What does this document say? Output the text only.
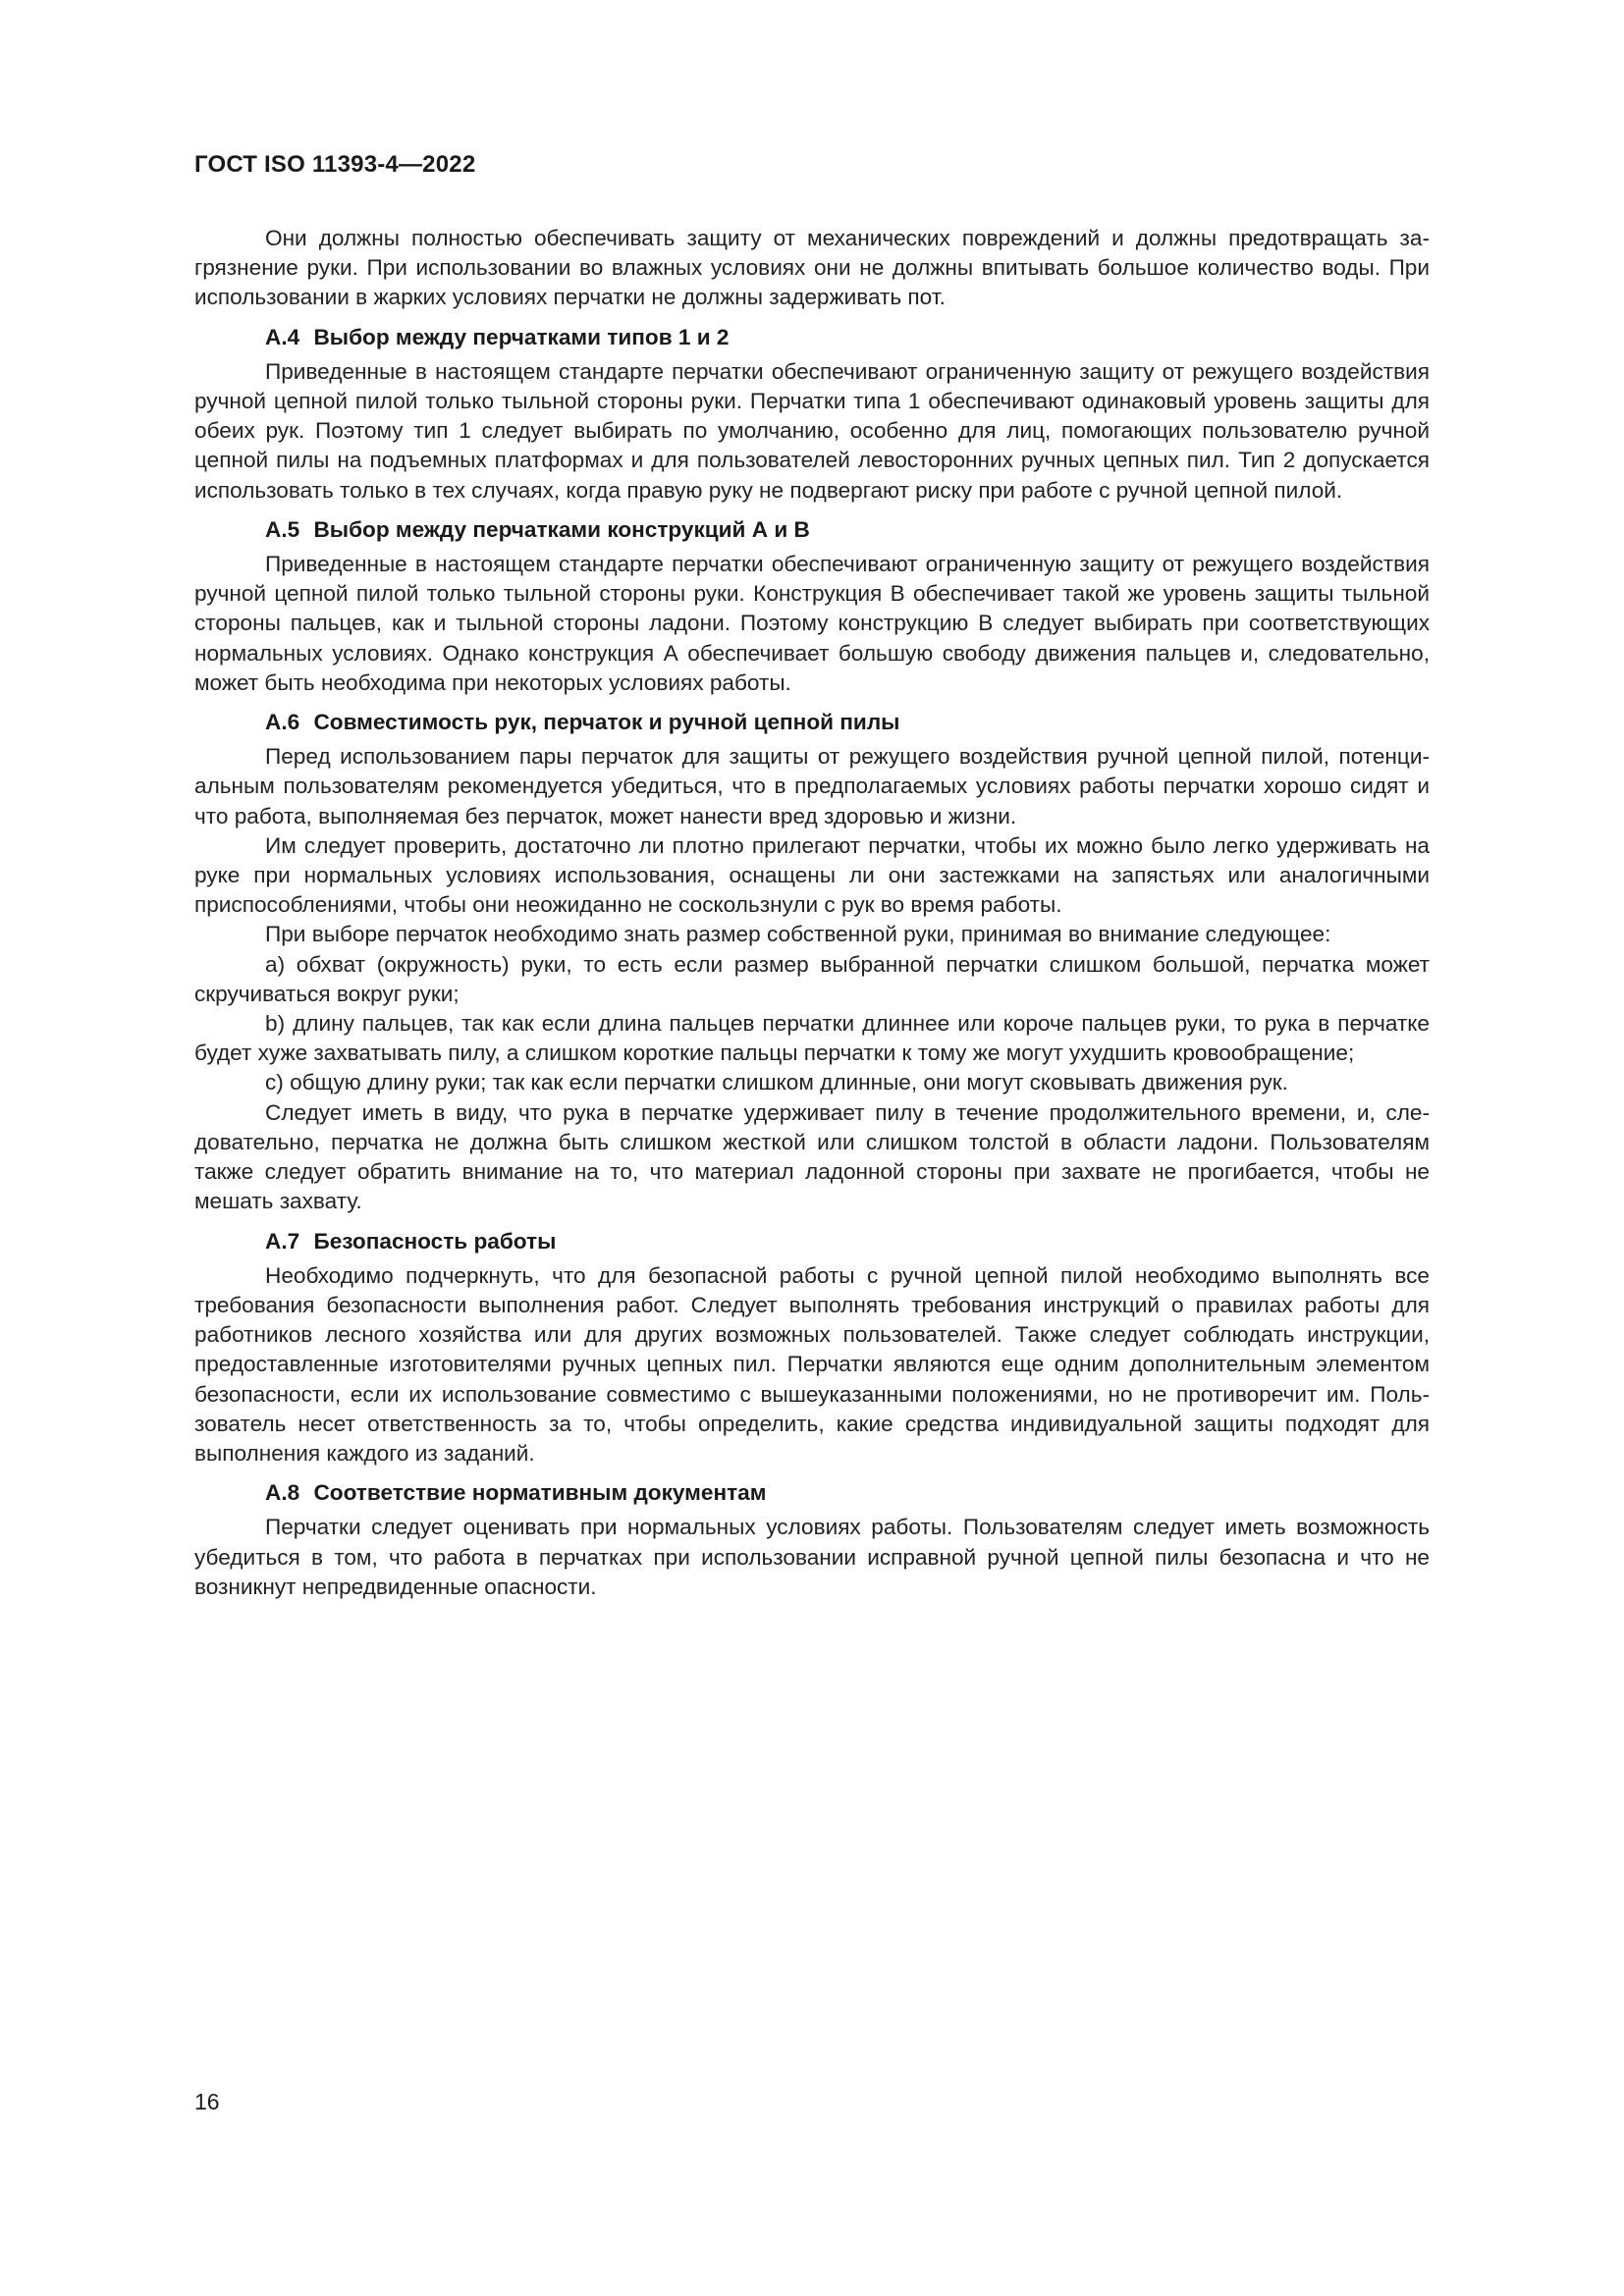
ГОСТ ISO 11393-4—2022

Они должны полностью обеспечивать защиту от механических повреждений и должны предотвращать загрязнение руки. При использовании во влажных условиях они не должны впитывать большое количество воды. При использовании в жарких условиях перчатки не должны задерживать пот.

А.4 Выбор между перчатками типов 1 и 2

Приведенные в настоящем стандарте перчатки обеспечивают ограниченную защиту от режущего воздействия ручной цепной пилой только тыльной стороны руки. Перчатки типа 1 обеспечивают одинаковый уровень защиты для обеих рук. Поэтому тип 1 следует выбирать по умолчанию, особенно для лиц, помогающих пользователю ручной цепной пилы на подъемных платформах и для пользователей левосторонних ручных цепных пил. Тип 2 допускается использовать только в тех случаях, когда правую руку не подвергают риску при работе с ручной цепной пилой.

А.5 Выбор между перчатками конструкций А и В

Приведенные в настоящем стандарте перчатки обеспечивают ограниченную защиту от режущего воздействия ручной цепной пилой только тыльной стороны руки. Конструкция В обеспечивает такой же уровень защиты тыльной стороны пальцев, как и тыльной стороны ладони. Поэтому конструкцию В следует выбирать при соответствующих нормальных условиях. Однако конструкция А обеспечивает большую свободу движения пальцев и, следовательно, может быть необходима при некоторых условиях работы.

А.6 Совместимость рук, перчаток и ручной цепной пилы

Перед использованием пары перчаток для защиты от режущего воздействия ручной цепной пилой, потенциальным пользователям рекомендуется убедиться, что в предполагаемых условиях работы перчатки хорошо сидят и что работа, выполняемая без перчаток, может нанести вред здоровью и жизни.

Им следует проверить, достаточно ли плотно прилегают перчатки, чтобы их можно было легко удерживать на руке при нормальных условиях использования, оснащены ли они застежками на запястьях или аналогичными приспособлениями, чтобы они неожиданно не соскользнули с рук во время работы.

При выборе перчаток необходимо знать размер собственной руки, принимая во внимание следующее:

a) обхват (окружность) руки, то есть если размер выбранной перчатки слишком большой, перчатка может скручиваться вокруг руки;

b) длину пальцев, так как если длина пальцев перчатки длиннее или короче пальцев руки, то рука в перчатке будет хуже захватывать пилу, а слишком короткие пальцы перчатки к тому же могут ухудшить кровообращение;

c) общую длину руки; так как если перчатки слишком длинные, они могут сковывать движения рук.

Следует иметь в виду, что рука в перчатке удерживает пилу в течение продолжительного времени, и, следовательно, перчатка не должна быть слишком жесткой или слишком толстой в области ладони. Пользователям также следует обратить внимание на то, что материал ладонной стороны при захвате не прогибается, чтобы не мешать захвату.

А.7 Безопасность работы

Необходимо подчеркнуть, что для безопасной работы с ручной цепной пилой необходимо выполнять все требования безопасности выполнения работ. Следует выполнять требования инструкций о правилах работы для работников лесного хозяйства или для других возможных пользователей. Также следует соблюдать инструкции, предоставленные изготовителями ручных цепных пил. Перчатки являются еще одним дополнительным элементом безопасности, если их использование совместимо с вышеуказанными положениями, но не противоречит им. Пользователь несет ответственность за то, чтобы определить, какие средства индивидуальной защиты подходят для выполнения каждого из заданий.

А.8 Соответствие нормативным документам

Перчатки следует оценивать при нормальных условиях работы. Пользователям следует иметь возможность убедиться в том, что работа в перчатках при использовании исправной ручной цепной пилы безопасна и что не возникнут непредвиденные опасности.

16
